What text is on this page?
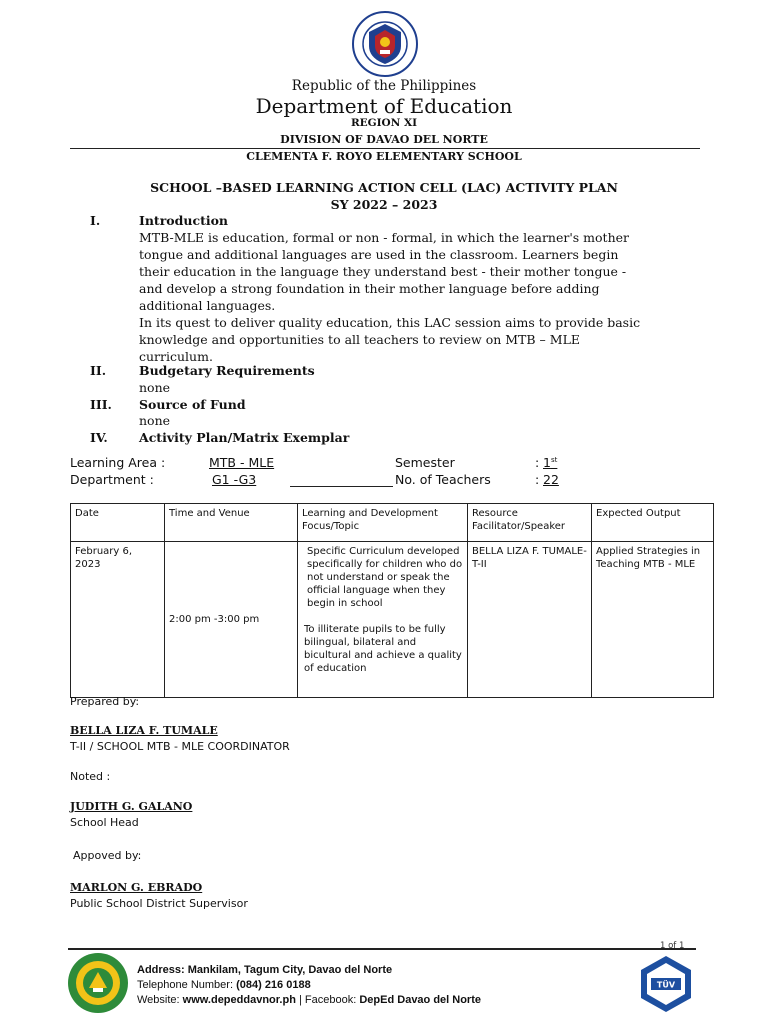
Republic of the Philippines
Department of Education
REGION XI
DIVISION OF DAVAO DEL NORTE
CLEMENTA F. ROYO ELEMENTARY SCHOOL
SCHOOL –BASED LEARNING ACTION CELL (LAC) ACTIVITY PLAN
SY 2022 – 2023
I.	Introduction
MTB-MLE is education, formal or non - formal, in which the learner's mother
tongue and additional languages are used in the classroom. Learners begin
their education in the language they understand best - their mother tongue -
and develop a strong foundation in their mother language before adding
additional languages.
In its quest to deliver quality education, this LAC session aims to provide basic
knowledge and opportunities to all teachers to review on MTB – MLE
curriculum.
II.	Budgetary Requirements
none
III. Source of Fund
none
IV.	Activity Plan/Matrix Exemplar
Learning Area :	MTB - MLE	Semester	: 1st
Department :	G1 -G3	No. of Teachers	: 22
Date	Time and Venue	Learning and Development Focus/Topic	Resource Facilitator/Speaker	Expected Output
February 6, 2023	2:00 pm -3:00 pm	Specific Curriculum developed specifically for children who do not understand or speak the official language when they begin in school
To illiterate pupils to be fully bilingual, bilateral and bicultural and achieve a quality of education	BELLA LIZA F. TUMALE-T-II	Applied Strategies in Teaching MTB - MLE
Prepared by:
BELLA LIZA F. TUMALE
T-II / SCHOOL MTB - MLE COORDINATOR
Noted :
JUDITH G. GALANO
School Head
Appoved by:
MARLON G. EBRADO
Public School District Supervisor
1 of 1
Address: Mankilam, Tagum City, Davao del Norte
Telephone Number: (084) 216 0188
Website: www.depeddavnor.ph | Facebook: DepEd Davao del Norte
TÜV
